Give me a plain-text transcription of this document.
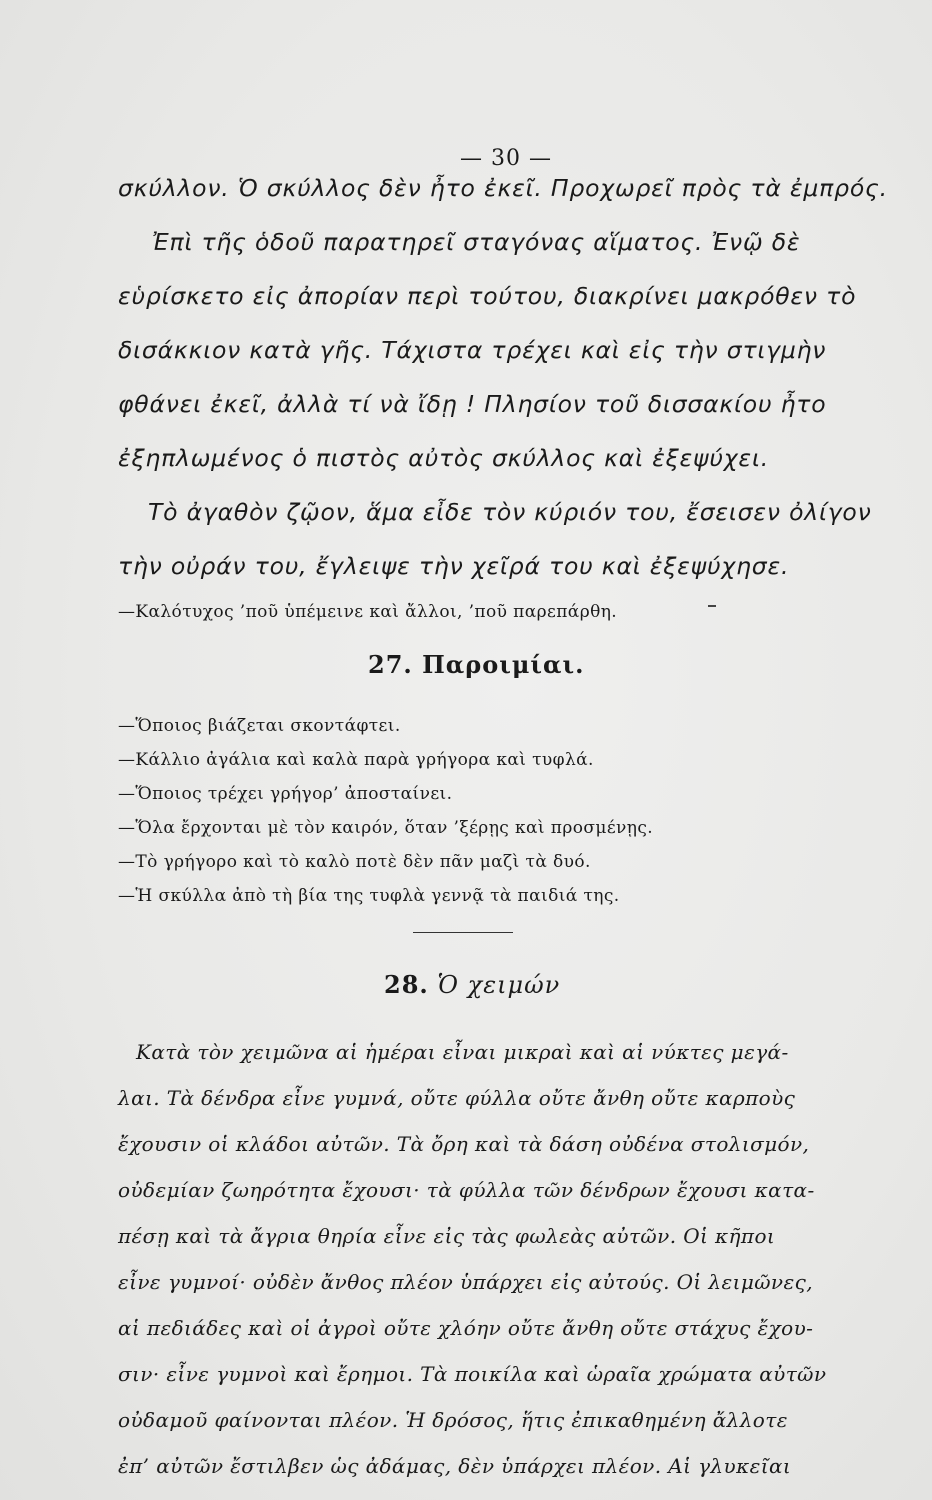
— 30 —
σκύλλον. Ὁ σκύλλος δὲν ἦτο ἐκεῖ. Προχωρεῖ πρὸς τὰ ἐμπρός.
Ἐπὶ τῆς ὁδοῦ παρατηρεῖ σταγόνας αἵματος. Ἐνῷ δὲ
εὑρίσκετο εἰς ἀπορίαν περὶ τούτου, διακρίνει μακρόθεν τὸ
δισάκκιον κατὰ γῆς. Τάχιστα τρέχει καὶ εἰς τὴν στιγμὴν
φθάνει ἐκεῖ, ἀλλὰ τί νὰ ἴδῃ ! Πλησίον τοῦ δισσακίου ἦτο
ἐξηπλωμένος ὁ πιστὸς αὐτὸς σκύλλος καὶ ἐξεψύχει.
Τὸ ἀγαθὸν ζῷον, ἅμα εἶδε τὸν κύριόν του, ἔσεισεν ὀλίγον
τὴν οὐράν του, ἔγλειψε τὴν χεῖρά του καὶ ἐξεψύχησε.
—Καλότυχος ’ποῦ ὑπέμεινε καὶ ἄλλοι, ’ποῦ παρεπάρθη.
27. Παροιμίαι.
—Ὅποιος βιάζεται σκοντάφτει.
—Κάλλιο ἀγάλια καὶ καλὰ παρὰ γρήγορα καὶ τυφλά.
—Ὅποιος τρέχει γρήγορ’ ἀποσταίνει.
—Ὅλα ἔρχονται μὲ τὸν καιρόν, ὅταν ’ξέρῃς καὶ προσμένῃς.
—Τὸ γρήγορο καὶ τὸ καλὸ ποτὲ δὲν πᾶν μαζὶ τὰ δυό.
—Ἡ σκύλλα ἀπὸ τὴ βία της τυφλὰ γεννᾷ τὰ παιδιά της.
28. Ὁ χειμών
Κατὰ τὸν χειμῶνα αἱ ἡμέραι εἶναι μικραὶ καὶ αἱ νύκτες μεγά-
λαι. Τὰ δένδρα εἶνε γυμνά, οὔτε φύλλα οὔτε ἄνθη οὔτε καρποὺς
ἔχουσιν οἱ κλάδοι αὐτῶν. Τὰ ὄρη καὶ τὰ δάση οὐδένα στολισμόν,
οὐδεμίαν ζωηρότητα ἔχουσι· τὰ φύλλα τῶν δένδρων ἔχουσι κατα-
πέσῃ καὶ τὰ ἄγρια θηρία εἶνε εἰς τὰς φωλεὰς αὐτῶν. Οἱ κῆποι
εἶνε γυμνοί· οὐδὲν ἄνθος πλέον ὑπάρχει εἰς αὐτούς. Οἱ λειμῶνες,
αἱ πεδιάδες καὶ οἱ ἀγροὶ οὔτε χλόην οὔτε ἄνθη οὔτε στάχυς ἔχου-
σιν· εἶνε γυμνοὶ καὶ ἔρημοι. Τὰ ποικίλα καὶ ὡραῖα χρώματα αὐτῶν
οὐδαμοῦ φαίνονται πλέον. Ἡ δρόσος, ἥτις ἐπικαθημένη ἄλλοτε
ἐπ’ αὐτῶν ἔστιλβεν ὡς ἀδάμας, δὲν ὑπάρχει πλέον. Αἱ γλυκεῖαι
